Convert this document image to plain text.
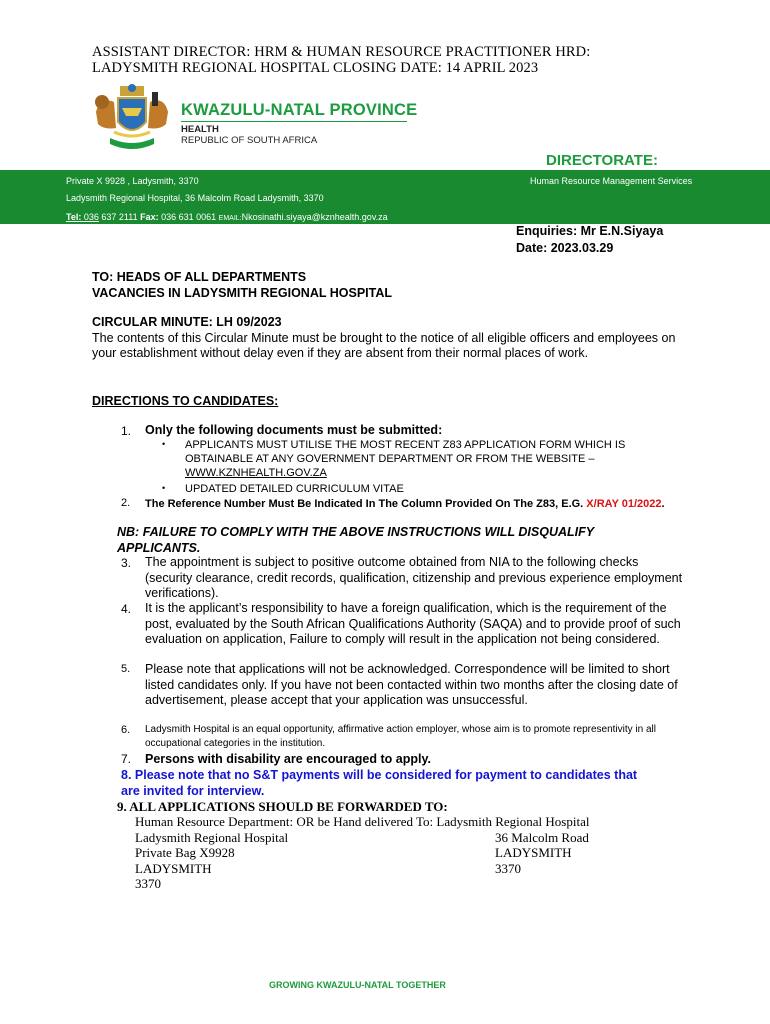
ASSISTANT DIRECTOR: HRM & HUMAN RESOURCE PRACTITIONER HRD:
LADYSMITH REGIONAL HOSPITAL CLOSING DATE: 14 APRIL 2023
KWAZULU-NATAL PROVINCE
HEALTH
REPUBLIC OF SOUTH AFRICA
DIRECTORATE:
Private X 9928 , Ladysmith, 3370	Human Resource Management Services
Ladysmith Regional Hospital, 36 Malcolm Road Ladysmith, 3370
Tel: 036 637 2111 Fax: 036 631 0061 EMAIL:Nkosinathi.siyaya@kznhealth.gov.za
Enquiries: Mr E.N.Siyaya
Date: 2023.03.29
TO: HEADS OF ALL DEPARTMENTS
VACANCIES IN LADYSMITH REGIONAL HOSPITAL
CIRCULAR MINUTE: LH 09/2023
The contents of this Circular Minute must be brought to the notice of all eligible officers and employees on your establishment without delay even if they are absent from their normal places of work.
DIRECTIONS TO CANDIDATES:
1. Only the following documents must be submitted:
• APPLICANTS MUST UTILISE THE MOST RECENT Z83 APPLICATION FORM WHICH IS OBTAINABLE AT ANY GOVERNMENT DEPARTMENT OR FROM THE WEBSITE – WWW.KZNHEALTH.GOV.ZA
• UPDATED DETAILED CURRICULUM VITAE
2. The Reference Number Must Be Indicated In The Column Provided On The Z83, E.G. X/RAY 01/2022.
NB: FAILURE TO COMPLY WITH THE ABOVE INSTRUCTIONS WILL DISQUALIFY APPLICANTS.
3. The appointment is subject to positive outcome obtained from NIA to the following checks (security clearance, credit records, qualification, citizenship and previous experience employment verifications).
4. It is the applicant’s responsibility to have a foreign qualification, which is the requirement of the post, evaluated by the South African Qualifications Authority (SAQA) and to provide proof of such evaluation on application, Failure to comply will result in the application not being considered.
5. Please note that applications will not be acknowledged. Correspondence will be limited to short listed candidates only. If you have not been contacted within two months after the closing date of advertisement, please accept that your application was unsuccessful.
6. Ladysmith Hospital is an equal opportunity, affirmative action employer, whose aim is to promote representivity in all occupational categories in the institution.
7. Persons with disability are encouraged to apply.
8. Please note that no S&T payments will be considered for payment to candidates that are invited for interview.
9. ALL APPLICATIONS SHOULD BE FORWARDED TO:
Human Resource Department: OR be Hand delivered To: Ladysmith Regional Hospital
Ladysmith Regional Hospital	36 Malcolm Road
Private Bag X9928	LADYSMITH
LADYSMITH	3370
3370
GROWING KWAZULU-NATAL TOGETHER
